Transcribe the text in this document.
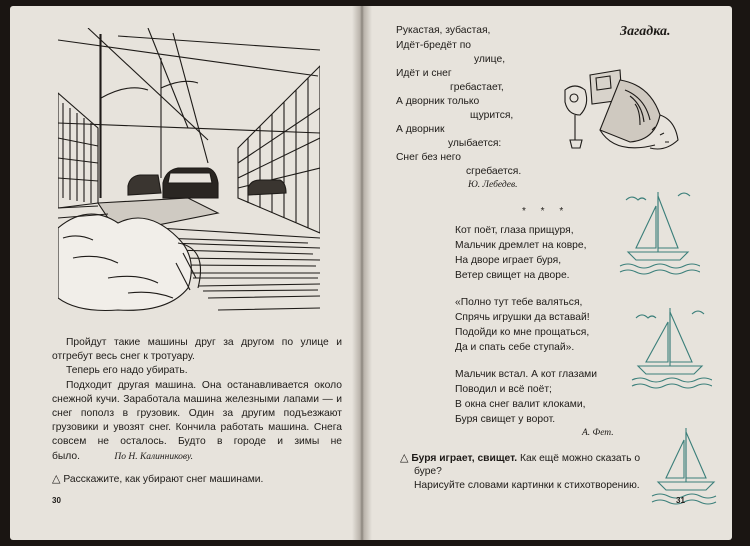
Пройдут такие машины друг за другом по улице и отгребут весь снег к тротуару.

Теперь его надо убирать.

Подходит другая машина. Она останавливается около снежной кучи. Заработала машина железными лапами — и снег пополз в грузовик. Один за другим подъезжают грузовики и увозят снег. Кончила работать машина. Снега совсем не осталось. Будто в городе и зимы не было.	По Н. Калинникову.

△ Расскажите, как убирают снег машинами.
30
Загадка.
Рукастая, зубастая,
Идёт-бредёт по
улице,
Идёт и снег
гребастает,
А дворник только
щурится,
А дворник
улыбается:
Снег без него
сгребается.
Ю. Лебедев.
* * *
Кот поёт, глаза прищуря,
Мальчик дремлет на ковре,
На дворе играет буря,
Ветер свищет на дворе.
«Полно тут тебе валяться,
Спрячь игрушки да вставай!
Подойди ко мне прощаться,
Да и спать себе ступай».
Мальчик встал. А кот глазами
Поводил и всё поёт;
В окна снег валит клоками,
Буря свищет у ворот.
А. Фет.
△ Буря играет, свищет. Как ещё можно сказать о
буре?
Нарисуйте словами картинки к стихотворению.
31
